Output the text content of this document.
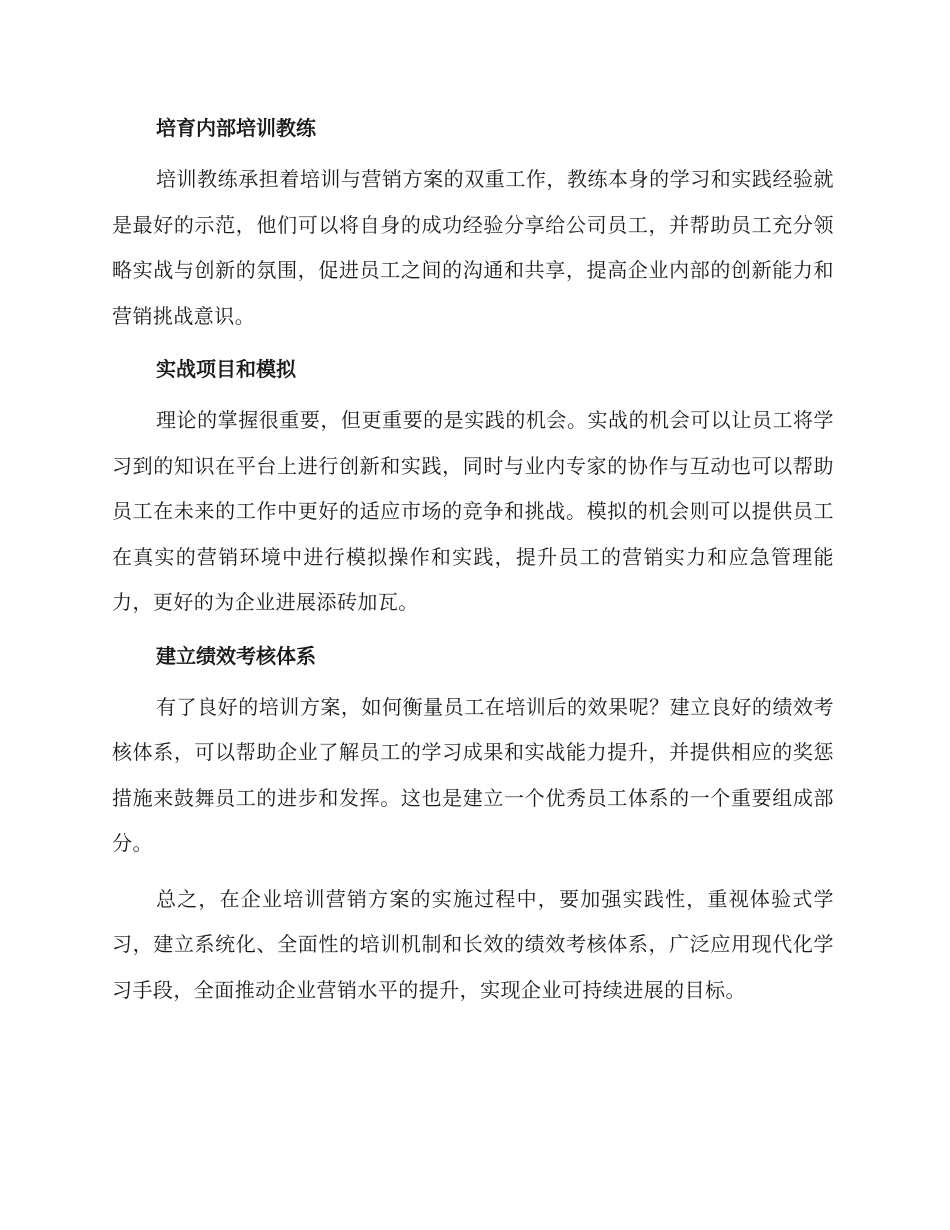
培育内部培训教练

培训教练承担着培训与营销方案的双重工作，教练本身的学习和实践经验就是最好的示范，他们可以将自身的成功经验分享给公司员工，并帮助员工充分领略实战与创新的氛围，促进员工之间的沟通和共享，提高企业内部的创新能力和营销挑战意识。

实战项目和模拟

理论的掌握很重要，但更重要的是实践的机会。实战的机会可以让员工将学习到的知识在平台上进行创新和实践，同时与业内专家的协作与互动也可以帮助员工在未来的工作中更好的适应市场的竞争和挑战。模拟的机会则可以提供员工在真实的营销环境中进行模拟操作和实践，提升员工的营销实力和应急管理能力，更好的为企业进展添砖加瓦。

建立绩效考核体系

有了良好的培训方案，如何衡量员工在培训后的效果呢？建立良好的绩效考核体系，可以帮助企业了解员工的学习成果和实战能力提升，并提供相应的奖惩措施来鼓舞员工的进步和发挥。这也是建立一个优秀员工体系的一个重要组成部分。

总之，在企业培训营销方案的实施过程中，要加强实践性，重视体验式学习，建立系统化、全面性的培训机制和长效的绩效考核体系，广泛应用现代化学习手段，全面推动企业营销水平的提升，实现企业可持续进展的目标。
